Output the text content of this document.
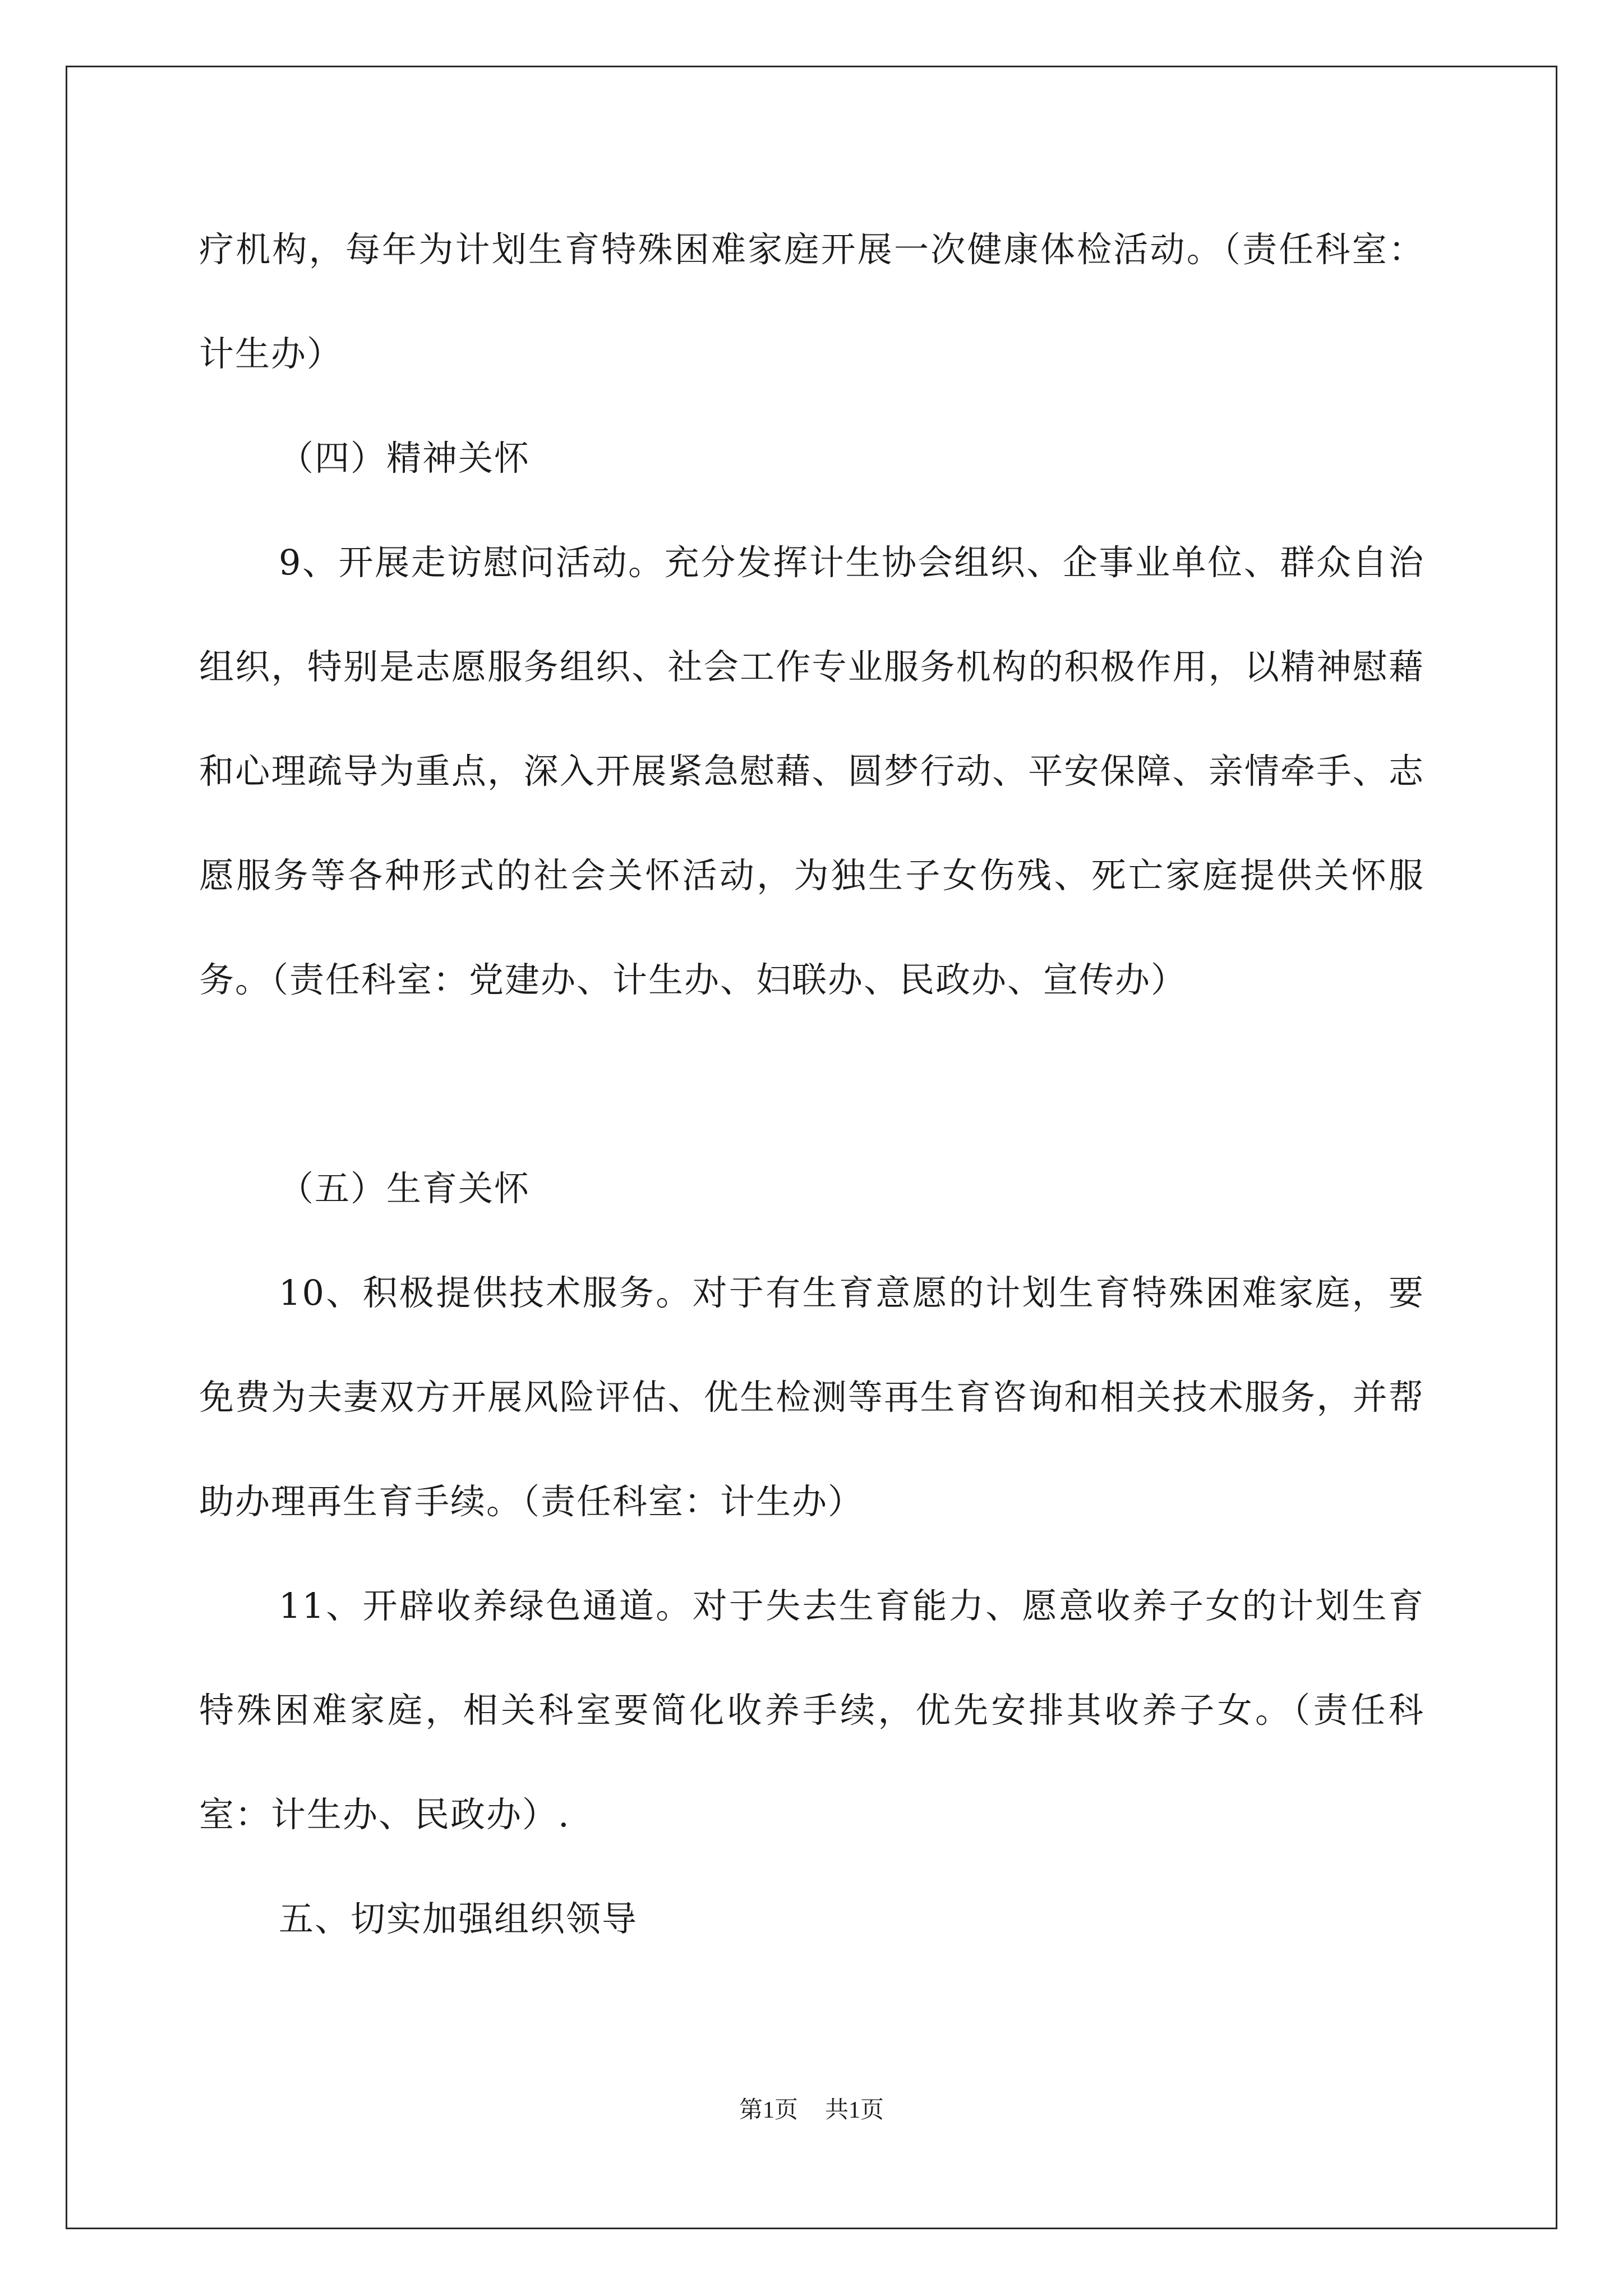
疗机构，每年为计划生育特殊困难家庭开展一次健康体检活动。（责任科室：计生办）

（四）精神关怀

9、开展走访慰问活动。充分发挥计生协会组织、企事业单位、群众自治组织，特别是志愿服务组织、社会工作专业服务机构的积极作用，以精神慰藉和心理疏导为重点，深入开展紧急慰藉、圆梦行动、平安保障、亲情牵手、志愿服务等各种形式的社会关怀活动，为独生子女伤残、死亡家庭提供关怀服务。（责任科室：党建办、计生办、妇联办、民政办、宣传办）

（五）生育关怀

10、积极提供技术服务。对于有生育意愿的计划生育特殊困难家庭，要免费为夫妻双方开展风险评估、优生检测等再生育咨询和相关技术服务，并帮助办理再生育手续。（责任科室：计生办）

11、开辟收养绿色通道。对于失去生育能力、愿意收养子女的计划生育特殊困难家庭，相关科室要简化收养手续，优先安排其收养子女。（责任科室：计生办、民政办）.

五、切实加强组织领导

第1页 共1页
